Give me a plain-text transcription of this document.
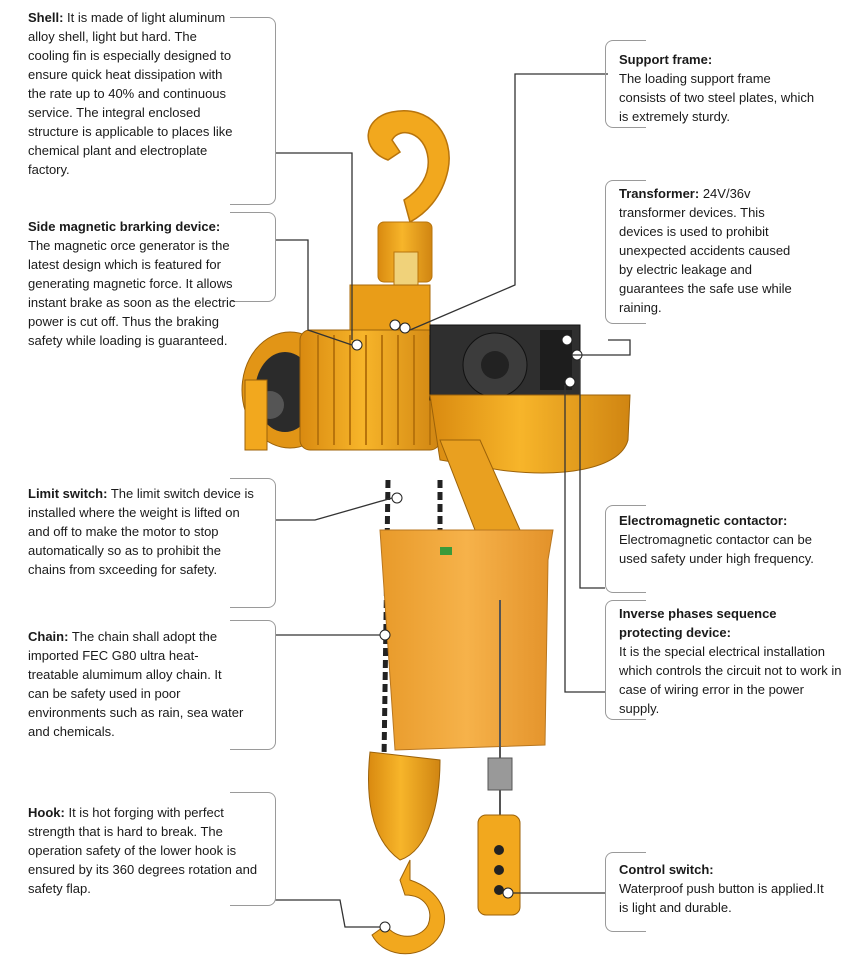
Shell: It is made of light aluminum alloy shell, light but hard. The cooling fin is especially designed to ensure quick heat dissipation with the rate up to 40% and continuous service. The integral enclosed structure is applicable to places like chemical plant and electroplate factory.
Side magnetic brarking device: The magnetic orce generator is the latest design which is featured for generating magnetic force. It allows instant brake as soon as the electric power is cut off. Thus the braking safety while loading is guaranteed.
Limit switch: The limit switch device is installed where the weight is lifted on and off to make the motor to stop automatically so as to prohibit the chains from sxceeding for safety.
Chain: The chain shall adopt the imported FEC G80 ultra heat-treatable alumimum alloy chain. It can be safety used in poor environments such as rain, sea water and chemicals.
Hook: It is hot forging with perfect strength that is hard to break. The operation safety of the lower hook is ensured by its 360 degrees rotation and safety flap.
Support frame:
The loading support frame consists of two steel plates, which is extremely sturdy.
Transformer: 24V/36v transformer devices. This devices is used to prohibit unexpected accidents caused by electric leakage and guarantees the safe use while raining.
Electromagnetic contactor:
Electromagnetic contactor can be used safety under high frequency.
Inverse phases sequence protecting device:
It is the special electrical installation which controls the circuit not to work in case of wiring error in the power supply.
Control switch:
Waterproof push button is applied.It is light and durable.
